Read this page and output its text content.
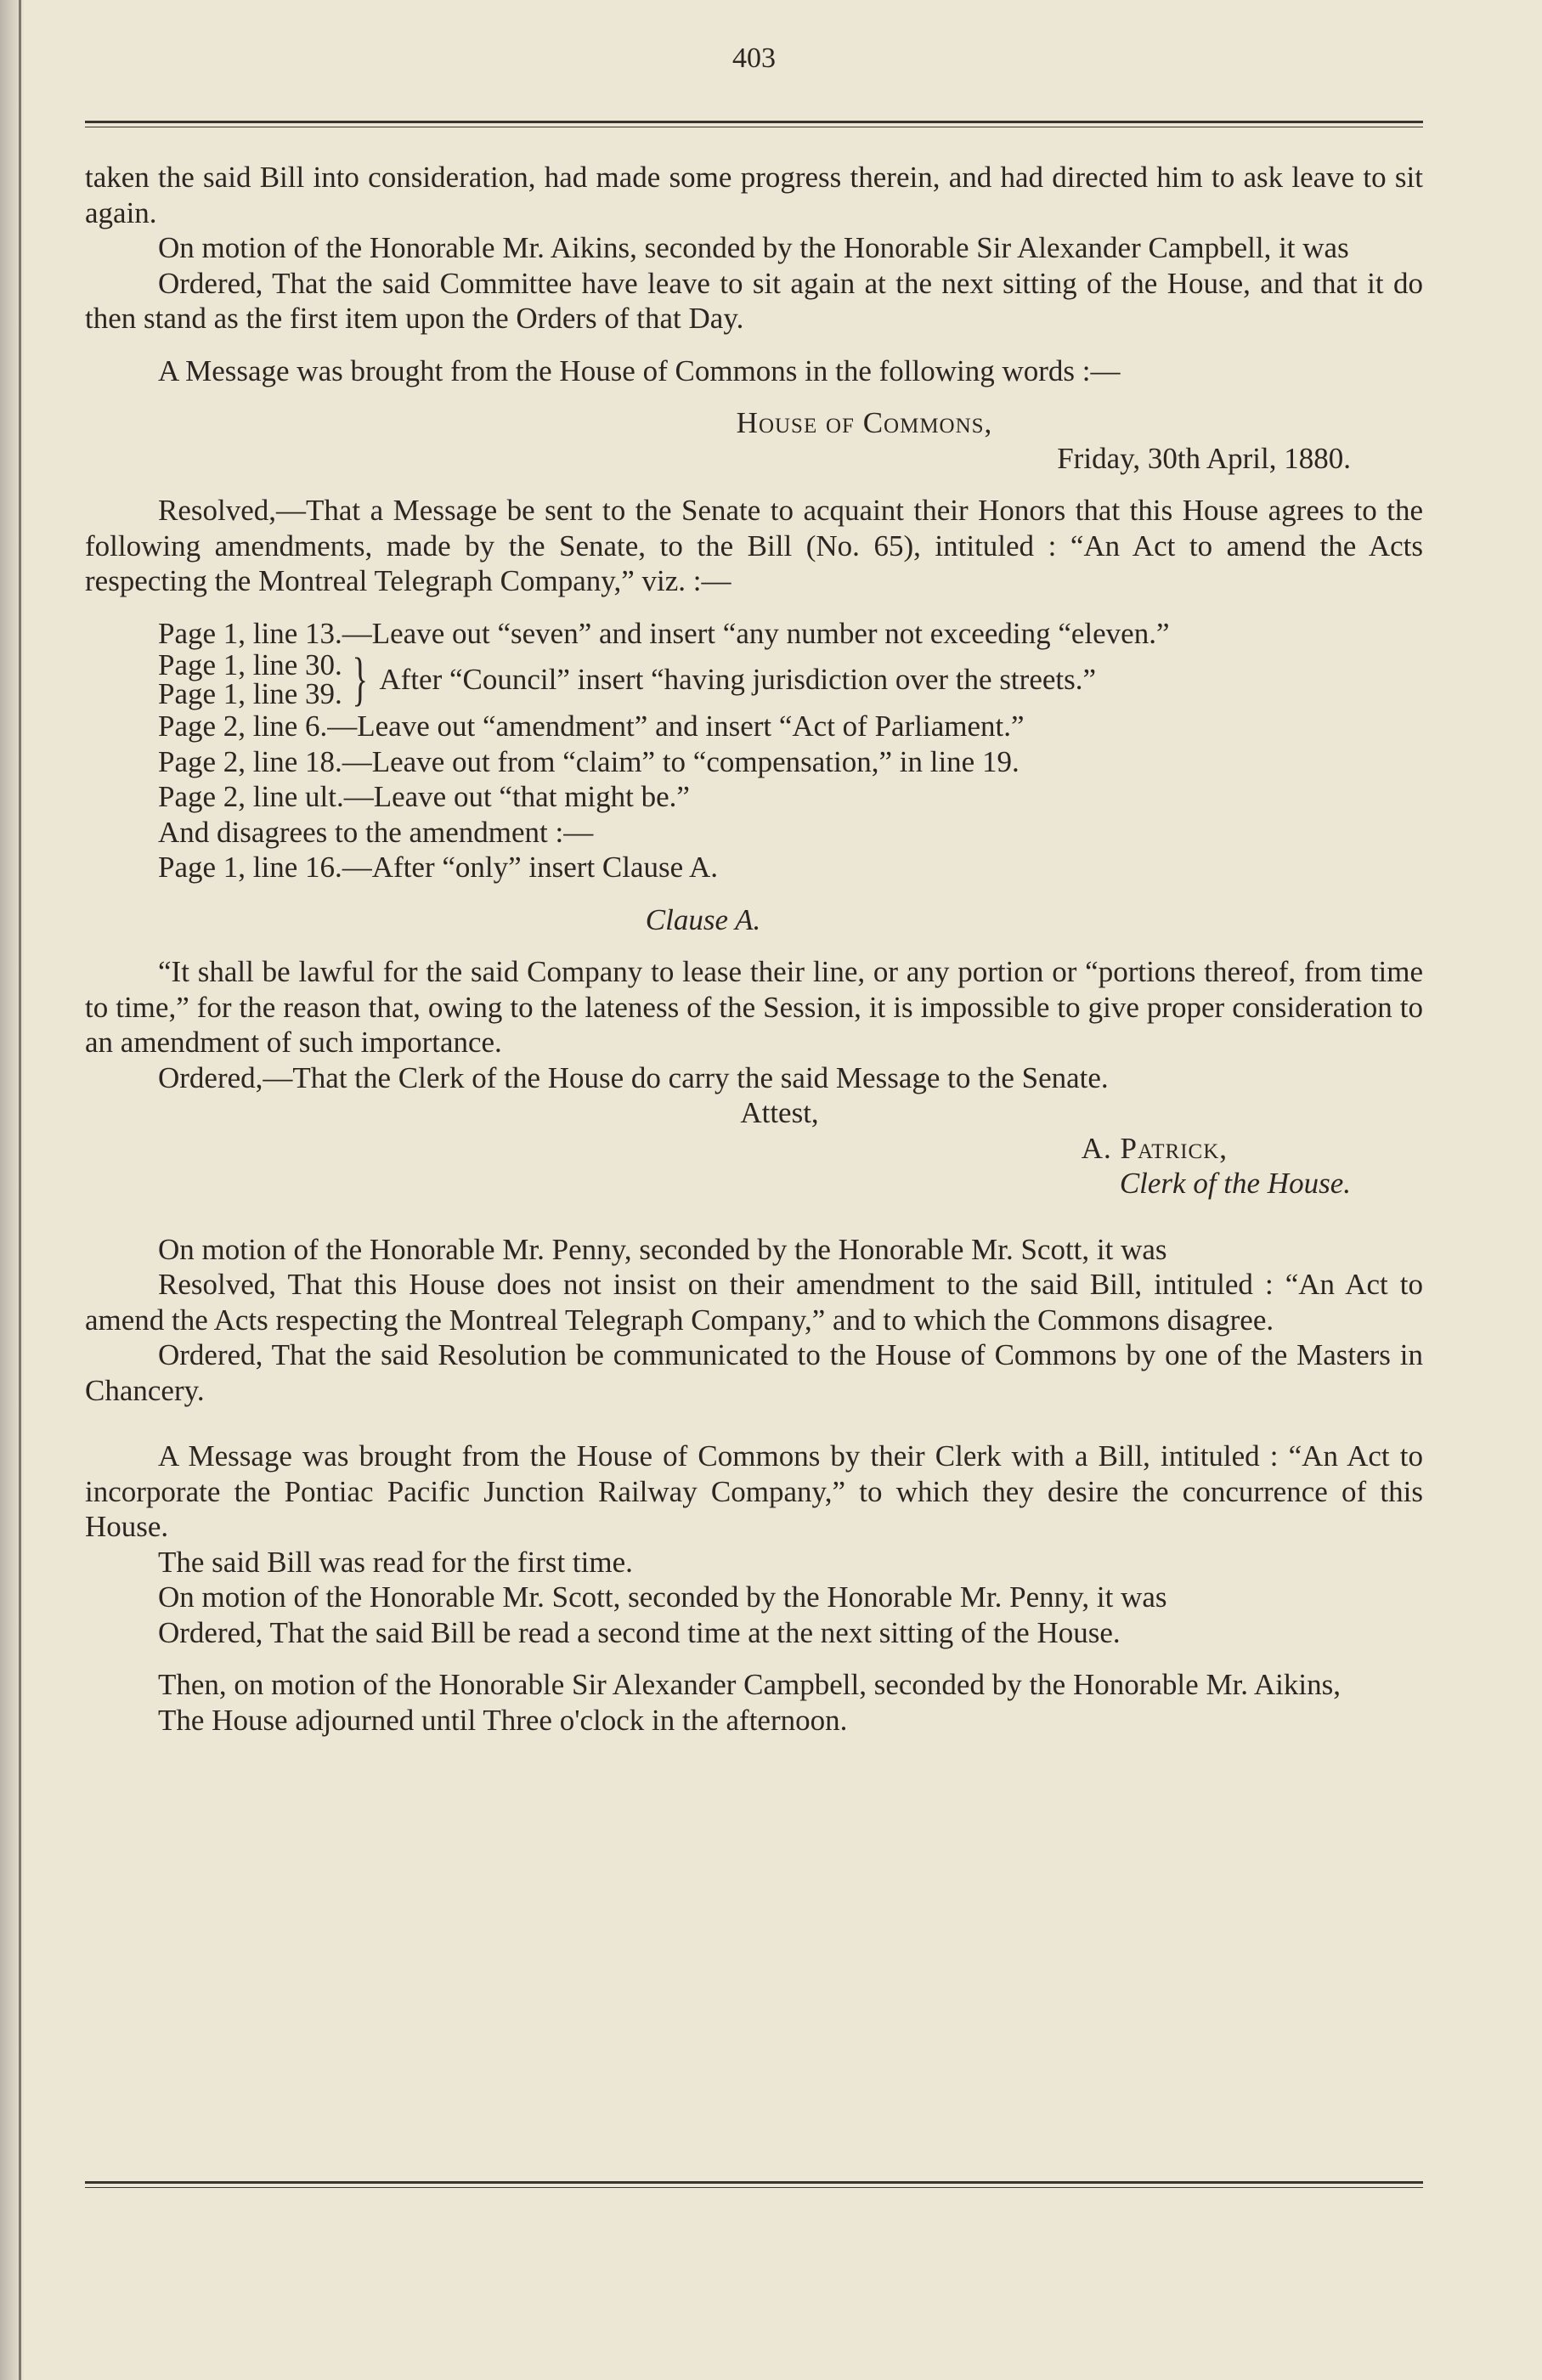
403

taken the said Bill into consideration, had made some progress therein, and had directed him to ask leave to sit again.

On motion of the Honorable Mr. Aikins, seconded by the Honorable Sir Alexander Campbell, it was

Ordered, That the said Committee have leave to sit again at the next sitting of the House, and that it do then stand as the first item upon the Orders of that Day.

A Message was brought from the House of Commons in the following words :—

House of Commons,

Friday, 30th April, 1880.

Resolved,—That a Message be sent to the Senate to acquaint their Honors that this House agrees to the following amendments, made by the Senate, to the Bill (No. 65), intituled : “An Act to amend the Acts respecting the Montreal Telegraph Company,” viz. :—

Page 1, line 13.—Leave out “seven” and insert “any number not exceeding “eleven.”

Page 1, line 30.
Page 1, line 39. } After “Council” insert “having jurisdiction over the streets.”

Page 2, line 6.—Leave out “amendment” and insert “Act of Parliament.”

Page 2, line 18.—Leave out from “claim” to “compensation,” in line 19.

Page 2, line ult.—Leave out “that might be.”

And disagrees to the amendment :—

Page 1, line 16.—After “only” insert Clause A.

Clause A.

“It shall be lawful for the said Company to lease their line, or any portion or “portions thereof, from time to time,” for the reason that, owing to the lateness of the Session, it is impossible to give proper consideration to an amendment of such importance.

Ordered,—That the Clerk of the House do carry the said Message to the Senate.

Attest,

A. Patrick,

Clerk of the House.

On motion of the Honorable Mr. Penny, seconded by the Honorable Mr. Scott, it was

Resolved, That this House does not insist on their amendment to the said Bill, intituled : “An Act to amend the Acts respecting the Montreal Telegraph Company,” and to which the Commons disagree.

Ordered, That the said Resolution be communicated to the House of Commons by one of the Masters in Chancery.

A Message was brought from the House of Commons by their Clerk with a Bill, intituled : “An Act to incorporate the Pontiac Pacific Junction Railway Company,” to which they desire the concurrence of this House.

The said Bill was read for the first time.

On motion of the Honorable Mr. Scott, seconded by the Honorable Mr. Penny, it was

Ordered, That the said Bill be read a second time at the next sitting of the House.

Then, on motion of the Honorable Sir Alexander Campbell, seconded by the Honorable Mr. Aikins,

The House adjourned until Three o'clock in the afternoon.
